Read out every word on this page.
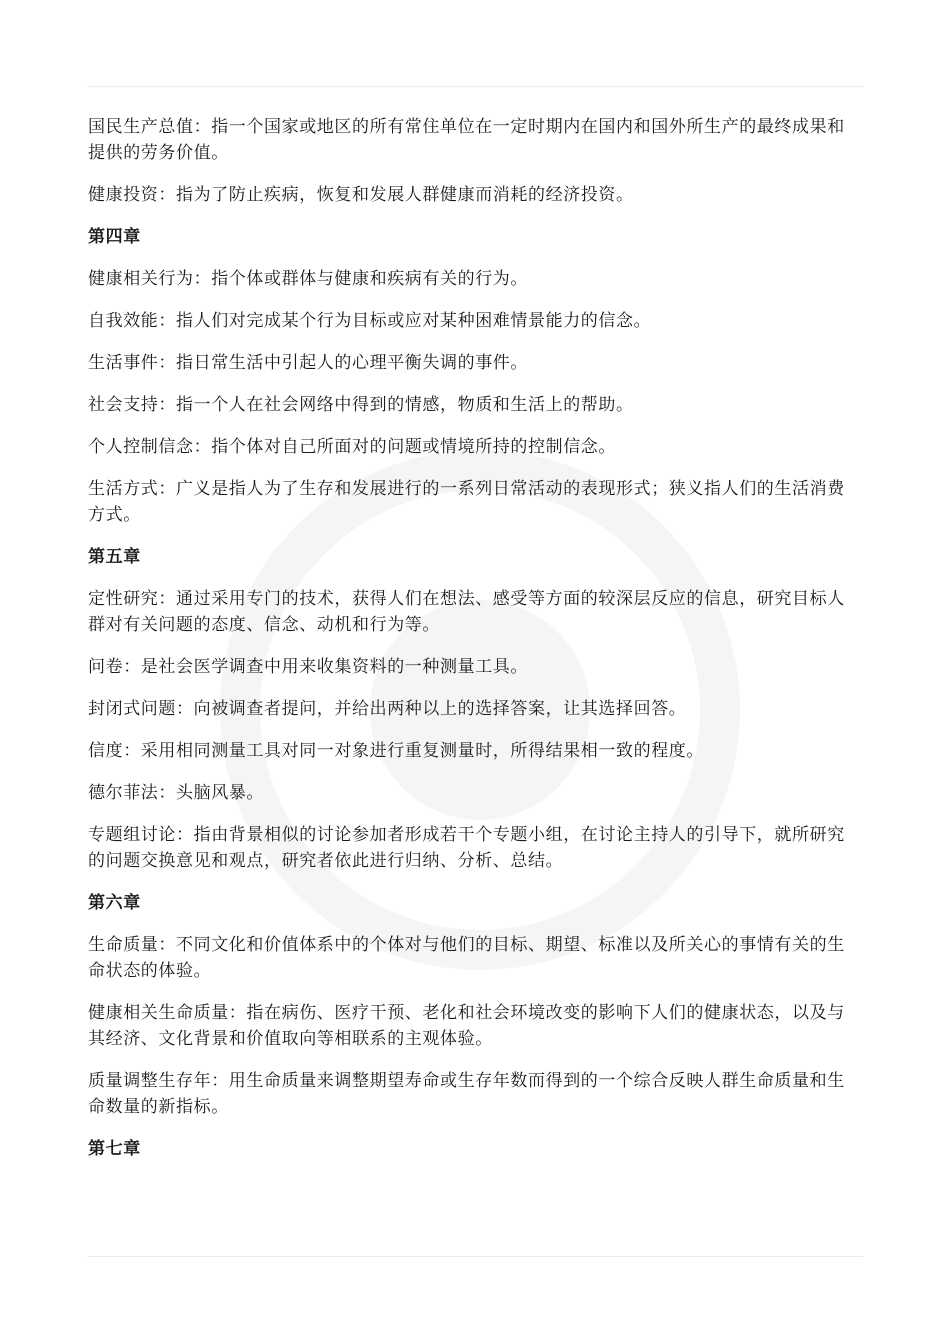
国民生产总值：指一个国家或地区的所有常住单位在一定时期内在国内和国外所生产的最终成果和提供的劳务价值。

健康投资：指为了防止疾病，恢复和发展人群健康而消耗的经济投资。

第四章

健康相关行为：指个体或群体与健康和疾病有关的行为。

自我效能：指人们对完成某个行为目标或应对某种困难情景能力的信念。

生活事件：指日常生活中引起人的心理平衡失调的事件。

社会支持：指一个人在社会网络中得到的情感，物质和生活上的帮助。

个人控制信念：指个体对自己所面对的问题或情境所持的控制信念。

生活方式：广义是指人为了生存和发展进行的一系列日常活动的表现形式；狭义指人们的生活消费方式。

第五章

定性研究：通过采用专门的技术，获得人们在想法、感受等方面的较深层反应的信息，研究目标人群对有关问题的态度、信念、动机和行为等。

问卷：是社会医学调查中用来收集资料的一种测量工具。

封闭式问题：向被调查者提问，并给出两种以上的选择答案，让其选择回答。

信度：采用相同测量工具对同一对象进行重复测量时，所得结果相一致的程度。

德尔菲法：头脑风暴。

专题组讨论：指由背景相似的讨论参加者形成若干个专题小组，在讨论主持人的引导下，就所研究的问题交换意见和观点，研究者依此进行归纳、分析、总结。

第六章

生命质量：不同文化和价值体系中的个体对与他们的目标、期望、标准以及所关心的事情有关的生命状态的体验。

健康相关生命质量：指在病伤、医疗干预、老化和社会环境改变的影响下人们的健康状态，以及与其经济、文化背景和价值取向等相联系的主观体验。

质量调整生存年：用生命质量来调整期望寿命或生存年数而得到的一个综合反映人群生命质量和生命数量的新指标。

第七章
